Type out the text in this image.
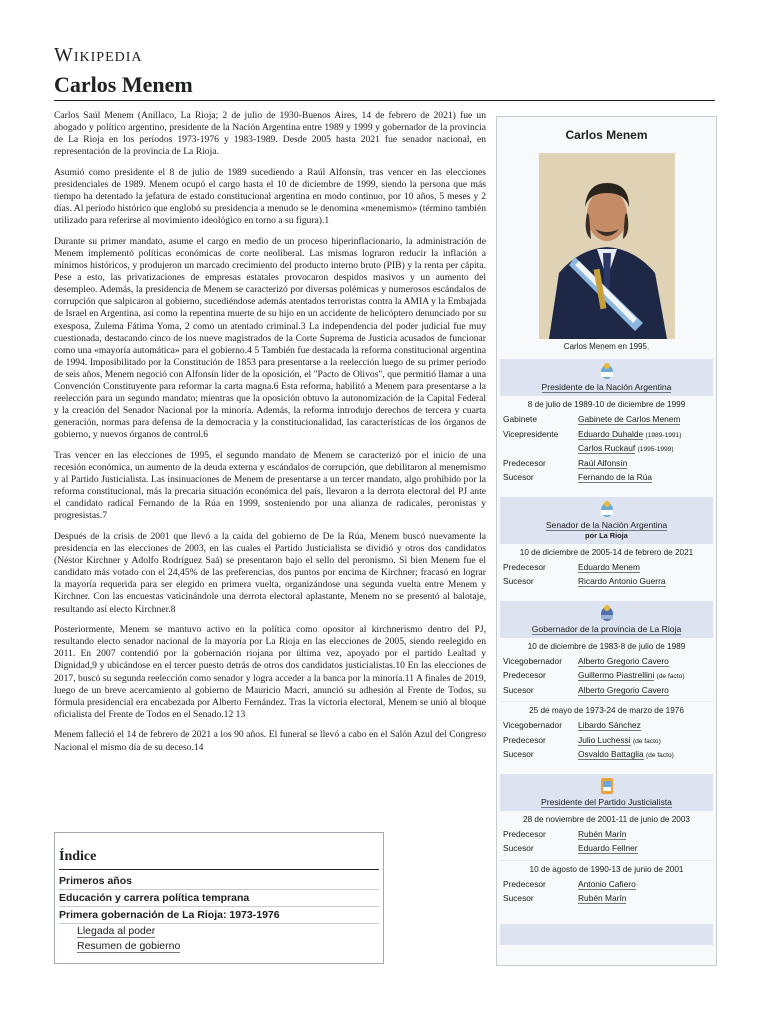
Wikipedia
Carlos Menem

Carlos Saúl Menem (Anillaco, La Rioja; 2 de julio de 1930-Buenos Aires, 14 de febrero de 2021) fue un abogado y político argentino, presidente de la Nación Argentina entre 1989 y 1999 y gobernador de la provincia de La Rioja en los períodos 1973-1976 y 1983-1989. Desde 2005 hasta 2021 fue senador nacional, en representación de la provincia de La Rioja.

Asumió como presidente el 8 de julio de 1989 sucediendo a Raúl Alfonsín, tras vencer en las elecciones presidenciales de 1989. Menem ocupó el cargo hasta el 10 de diciembre de 1999, siendo la persona que más tiempo ha detentado la jefatura de estado constitucional argentina en modo continuo, por 10 años, 5 meses y 2 días. Al período histórico que englobó su presidencia a menudo se le denomina «menemismo» (término también utilizado para referirse al movimiento ideológico en torno a su figura).1

Durante su primer mandato, asume el cargo en medio de un proceso hiperinflacionario, la administración de Menem implementó políticas económicas de corte neoliberal. Las mismas lograron reducir la inflación a mínimos históricos, y produjeron un marcado crecimiento del producto interno bruto (PIB) y la renta per cápita. Pese a esto, las privatizaciones de empresas estatales provocaron despidos masivos y un aumento del desempleo. Además, la presidencia de Menem se caracterizó por diversas polémicas y numerosos escándalos de corrupción que salpicaron al gobierno, sucediéndose además atentados terroristas contra la AMIA y la Embajada de Israel en Argentina, así como la repentina muerte de su hijo en un accidente de helicóptero denunciado por su exesposa, Zulema Fátima Yoma, 2 como un atentado criminal.3 La independencia del poder judicial fue muy cuestionada, destacando cinco de los nueve magistrados de la Corte Suprema de Justicia acusados de funcionar como una «mayoría automática» para el gobierno.4 5 También fue destacada la reforma constitucional argentina de 1994. Imposibilitado por la Constitución de 1853 para presentarse a la reelección luego de su primer período de seis años, Menem negoció con Alfonsín líder de la oposición, el "Pacto de Olivos", que permitió llamar a una Convención Constituyente para reformar la carta magna.6 Esta reforma, habilitó a Menem para presentarse a la reelección para un segundo mandato; mientras que la oposición obtuvo la autonomización de la Capital Federal y la creación del Senador Nacional por la minoría. Además, la reforma introdujo derechos de tercera y cuarta generación, normas para defensa de la democracia y la constitucionalidad, las características de los órganos de gobierno, y nuevos órganos de control.6

Tras vencer en las elecciones de 1995, el segundo mandato de Menem se caracterizó por el inicio de una recesión económica, un aumento de la deuda externa y escándalos de corrupción, que debilitaron al menemismo y al Partido Justicialista. Las insinuaciones de Menem de presentarse a un tercer mandato, algo prohibido por la reforma constitucional, más la precaria situación económica del país, llevaron a la derrota electoral del PJ ante el candidato radical Fernando de la Rúa en 1999, sosteniendo por una alianza de radicales, peronistas y progresistas.7

Después de la crisis de 2001 que llevó a la caída del gobierno de De la Rúa, Menem buscó nuevamente la presidencia en las elecciones de 2003, en las cuales el Partido Justicialista se dividió y otros dos candidatos (Néstor Kirchner y Adolfo Rodríguez Saá) se presentaron bajo el sello del peronismo. Si bien Menem fue el candidato más votado con el 24,45% de las preferencias, dos puntos por encima de Kirchner; fracasó en lograr la mayoría requerida para ser elegido en primera vuelta, organizándose una segunda vuelta entre Menem y Kirchner. Con las encuestas vaticinándole una derrota electoral aplastante, Menem no se presentó al balotaje, resultando así electo Kirchner.8

Posteriormente, Menem se mantuvo activo en la política como opositor al kirchnerismo dentro del PJ, resultando electo senador nacional de la mayoría por La Rioja en las elecciones de 2005, siendo reelegido en 2011. En 2007 contendió por la gobernación riojana por última vez, apoyado por el partido Lealtad y Dignidad,9 y ubicándose en el tercer puesto detrás de otros dos candidatos justicialistas.10 En las elecciones de 2017, buscó su segunda reelección como senador y logra acceder a la banca por la minoría.11 A finales de 2019, luego de un breve acercamiento al gobierno de Mauricio Macri, anunció su adhesión al Frente de Todos, su fórmula presidencial era encabezada por Alberto Fernández. Tras la victoria electoral, Menem se unió al bloque oficialista del Frente de Todos en el Senado.12 13

Menem falleció el 14 de febrero de 2021 a los 90 años. El funeral se llevó a cabo en el Salón Azul del Congreso Nacional el mismo día de su deceso.14

Índice
Primeros años
Educación y carrera política temprana
Primera gobernación de La Rioja: 1973-1976
Llegada al poder
Resumen de gobierno
Carlos Menem
Carlos Menem en 1995.
Presidente de la Nación Argentina
8 de julio de 1989-10 de diciembre de 1999
Gabinete	Gabinete de Carlos Menem
Vicepresidente	Eduardo Duhalde (1989-1991)
Carlos Ruckauf (1995-1999)
Predecesor	Raúl Alfonsín
Sucesor	Fernando de la Rúa
Senador de la Nación Argentina
por La Rioja
10 de diciembre de 2005-14 de febrero de 2021
Predecesor	Eduardo Menem
Sucesor	Ricardo Antonio Guerra
Gobernador de la provincia de La Rioja
10 de diciembre de 1983-8 de julio de 1989
Vicegobernador	Alberto Gregorio Cavero
Predecesor	Guillermo Piastrellini (de facto)
Sucesor	Alberto Gregorio Cavero
25 de mayo de 1973-24 de marzo de 1976
Vicegobernador	Libardo Sánchez
Predecesor	Julio Luchessi (de facto)
Sucesor	Osvaldo Battaglia (de facto)
Presidente del Partido Justicialista
28 de noviembre de 2001-11 de junio de 2003
Predecesor	Rubén Marín
Sucesor	Eduardo Fellner
10 de agosto de 1990-13 de junio de 2001
Predecesor	Antonio Cafiero
Sucesor	Rubén Marín
